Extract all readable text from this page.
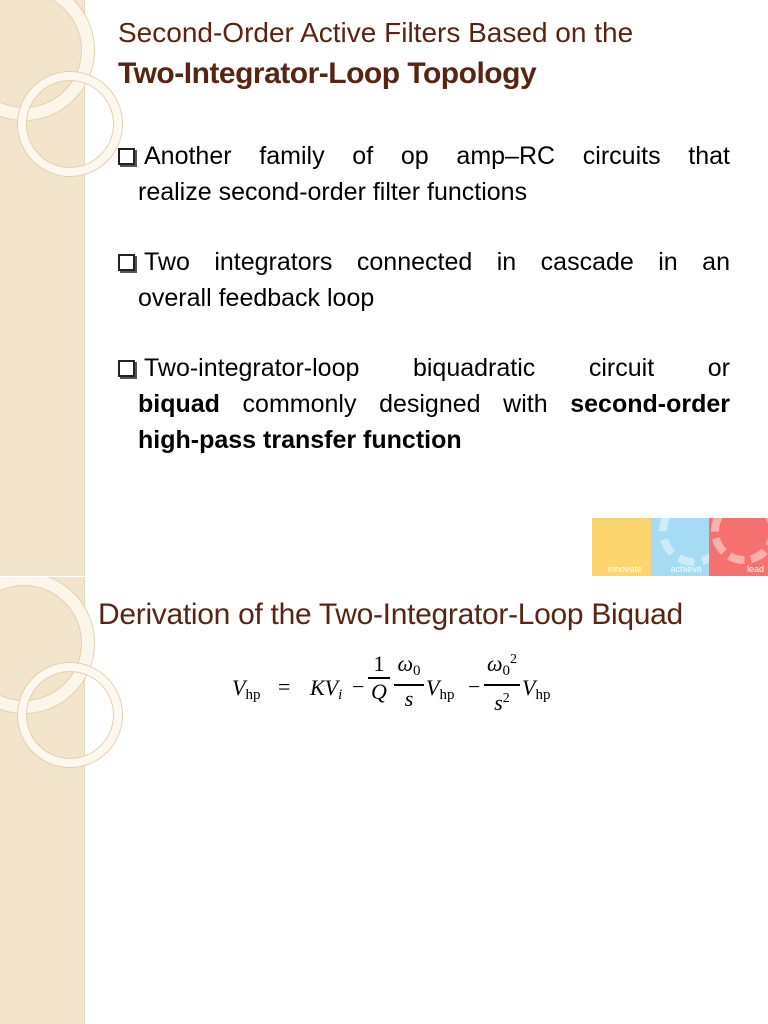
Second-Order Active Filters Based on the
Two-Integrator-Loop Topology
Another family of op amp–RC circuits that
realize second-order filter functions
Two integrators connected in cascade in an
overall feedback loop
Two-integrator-loop biquadratic circuit or
biquad commonly designed with second-order high-pass transfer function
innovate	achieve	lead
Derivation of the Two-Integrator-Loop Biquad
$V_{hp} = KV_i$ −
1
Q
$\omega_0$
s $V_{hp}$ −
$\omega_0^2$
$s^2$ $V_{hp}$
